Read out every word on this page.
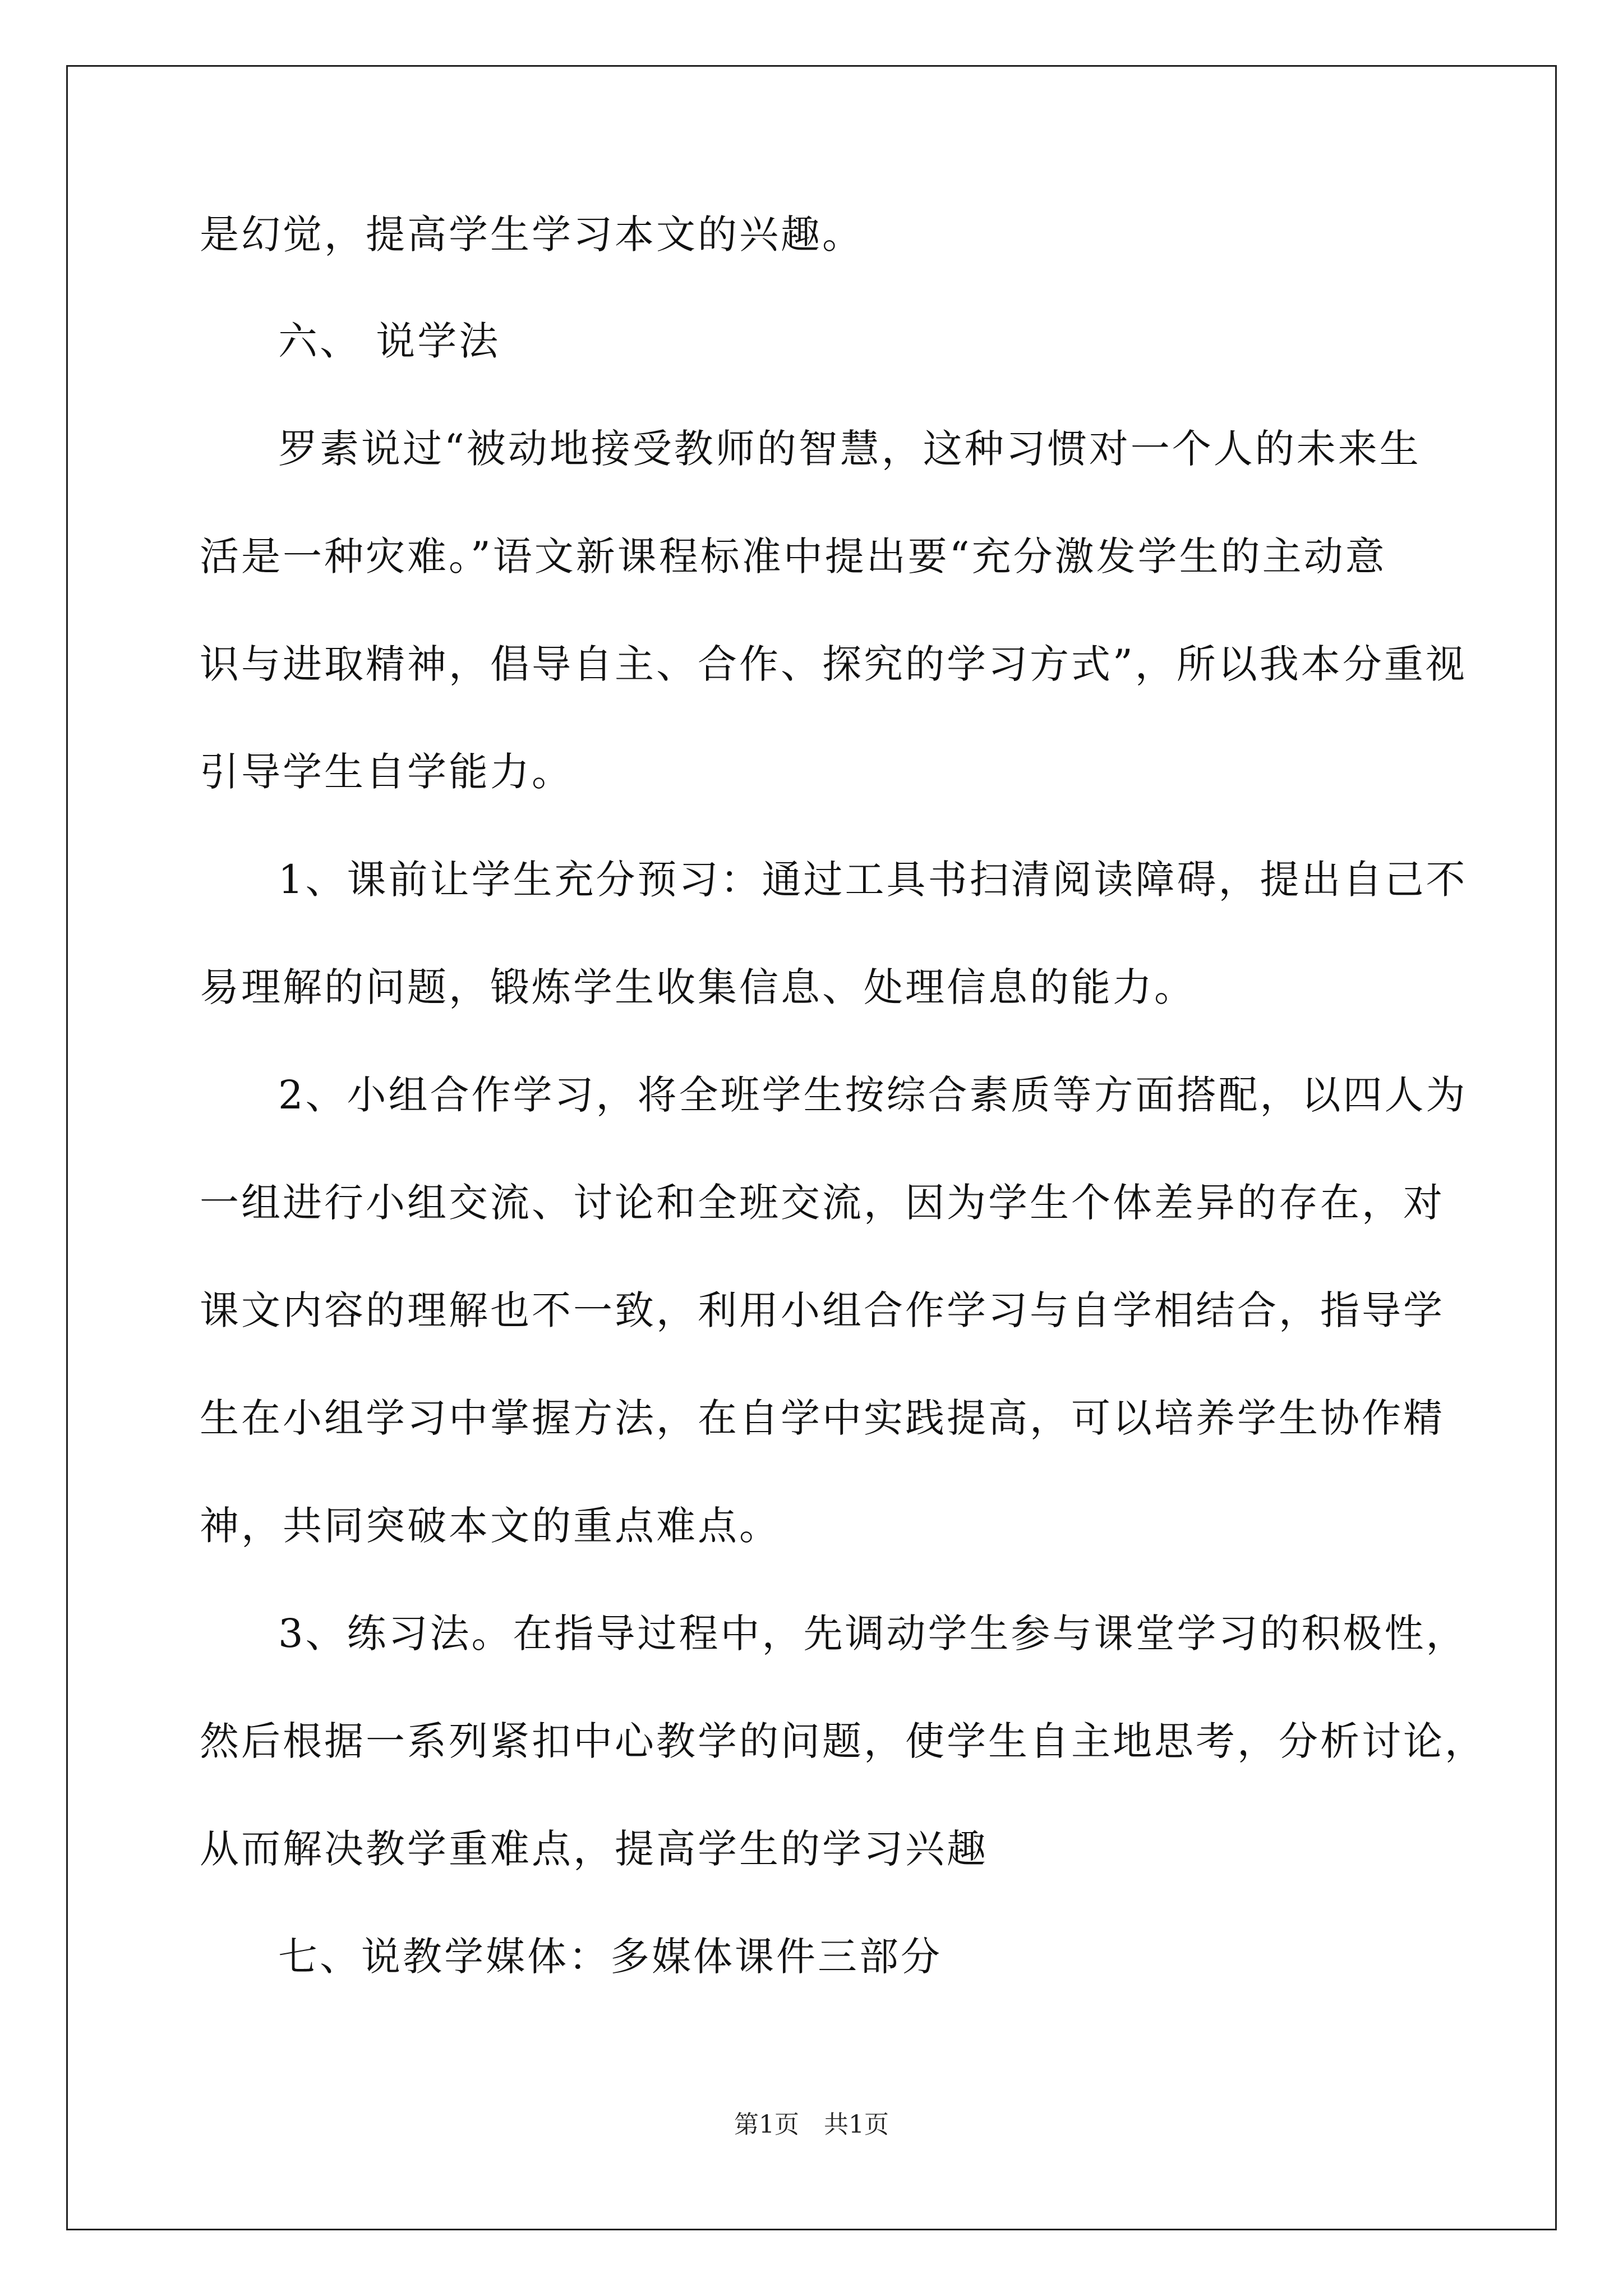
是幻觉，提高学生学习本文的兴趣。
六、 说学法
罗素说过“被动地接受教师的智慧，这种习惯对一个人的未来生
活是一种灾难。”语文新课程标准中提出要“充分激发学生的主动意
识与进取精神，倡导自主、合作、探究的学习方式”，所以我本分重视
引导学生自学能力。
1、课前让学生充分预习：通过工具书扫清阅读障碍，提出自己不
易理解的问题，锻炼学生收集信息、处理信息的能力。
2、小组合作学习，将全班学生按综合素质等方面搭配，以四人为
一组进行小组交流、讨论和全班交流，因为学生个体差异的存在，对
课文内容的理解也不一致，利用小组合作学习与自学相结合，指导学
生在小组学习中掌握方法，在自学中实践提高，可以培养学生协作精
神，共同突破本文的重点难点。
3、练习法。在指导过程中，先调动学生参与课堂学习的积极性，
然后根据一系列紧扣中心教学的问题，使学生自主地思考，分析讨论，
从而解决教学重难点，提高学生的学习兴趣
七、说教学媒体：多媒体课件三部分
第1页　共1页
